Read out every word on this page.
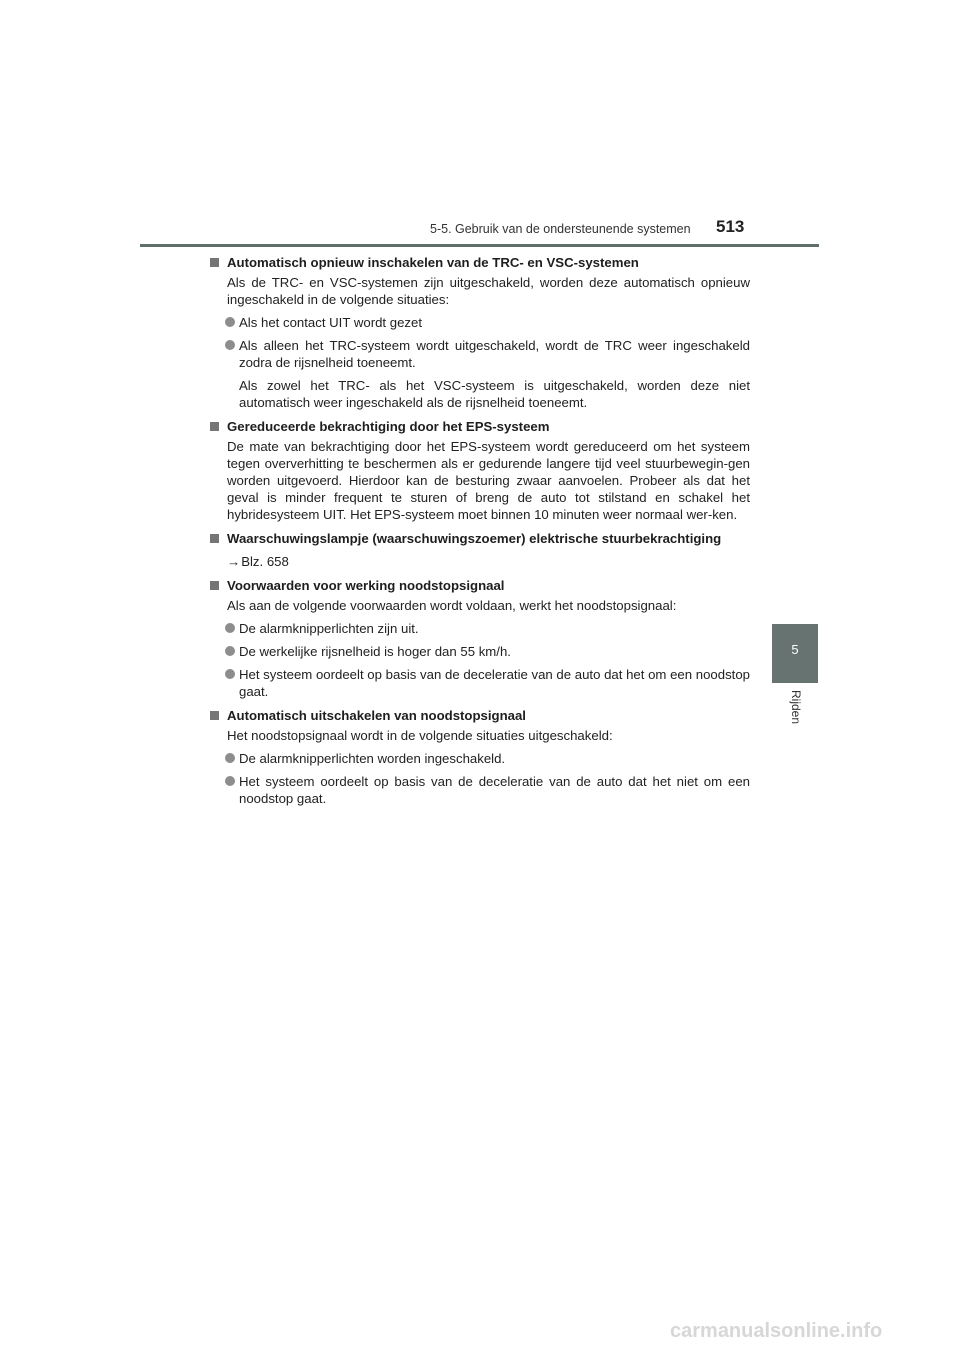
5-5. Gebruik van de ondersteunende systemen 513
5
Rijden

Automatisch opnieuw inschakelen van de TRC- en VSC-systemen

Als de TRC- en VSC-systemen zijn uitgeschakeld, worden deze automatisch opnieuw ingeschakeld in de volgende situaties:

Als het contact UIT wordt gezet

Als alleen het TRC-systeem wordt uitgeschakeld, wordt de TRC weer ingeschakeld zodra de rijsnelheid toeneemt.

Als zowel het TRC- als het VSC-systeem is uitgeschakeld, worden deze niet automatisch weer ingeschakeld als de rijsnelheid toeneemt.

Gereduceerde bekrachtiging door het EPS-systeem

De mate van bekrachtiging door het EPS-systeem wordt gereduceerd om het systeem tegen oververhitting te beschermen als er gedurende langere tijd veel stuurbewegin-gen worden uitgevoerd. Hierdoor kan de besturing zwaar aanvoelen. Probeer als dat het geval is minder frequent te sturen of breng de auto tot stilstand en schakel het hybridesysteem UIT. Het EPS-systeem moet binnen 10 minuten weer normaal wer-ken.

Waarschuwingslampje (waarschuwingszoemer) elektrische stuurbekrachtiging

→Blz. 658

Voorwaarden voor werking noodstopsignaal

Als aan de volgende voorwaarden wordt voldaan, werkt het noodstopsignaal:

De alarmknipperlichten zijn uit.

De werkelijke rijsnelheid is hoger dan 55 km/h.

Het systeem oordeelt op basis van de deceleratie van de auto dat het om een noodstop gaat.

Automatisch uitschakelen van noodstopsignaal

Het noodstopsignaal wordt in de volgende situaties uitgeschakeld:

De alarmknipperlichten worden ingeschakeld.

Het systeem oordeelt op basis van de deceleratie van de auto dat het niet om een noodstop gaat.

carmanualsonline.info
